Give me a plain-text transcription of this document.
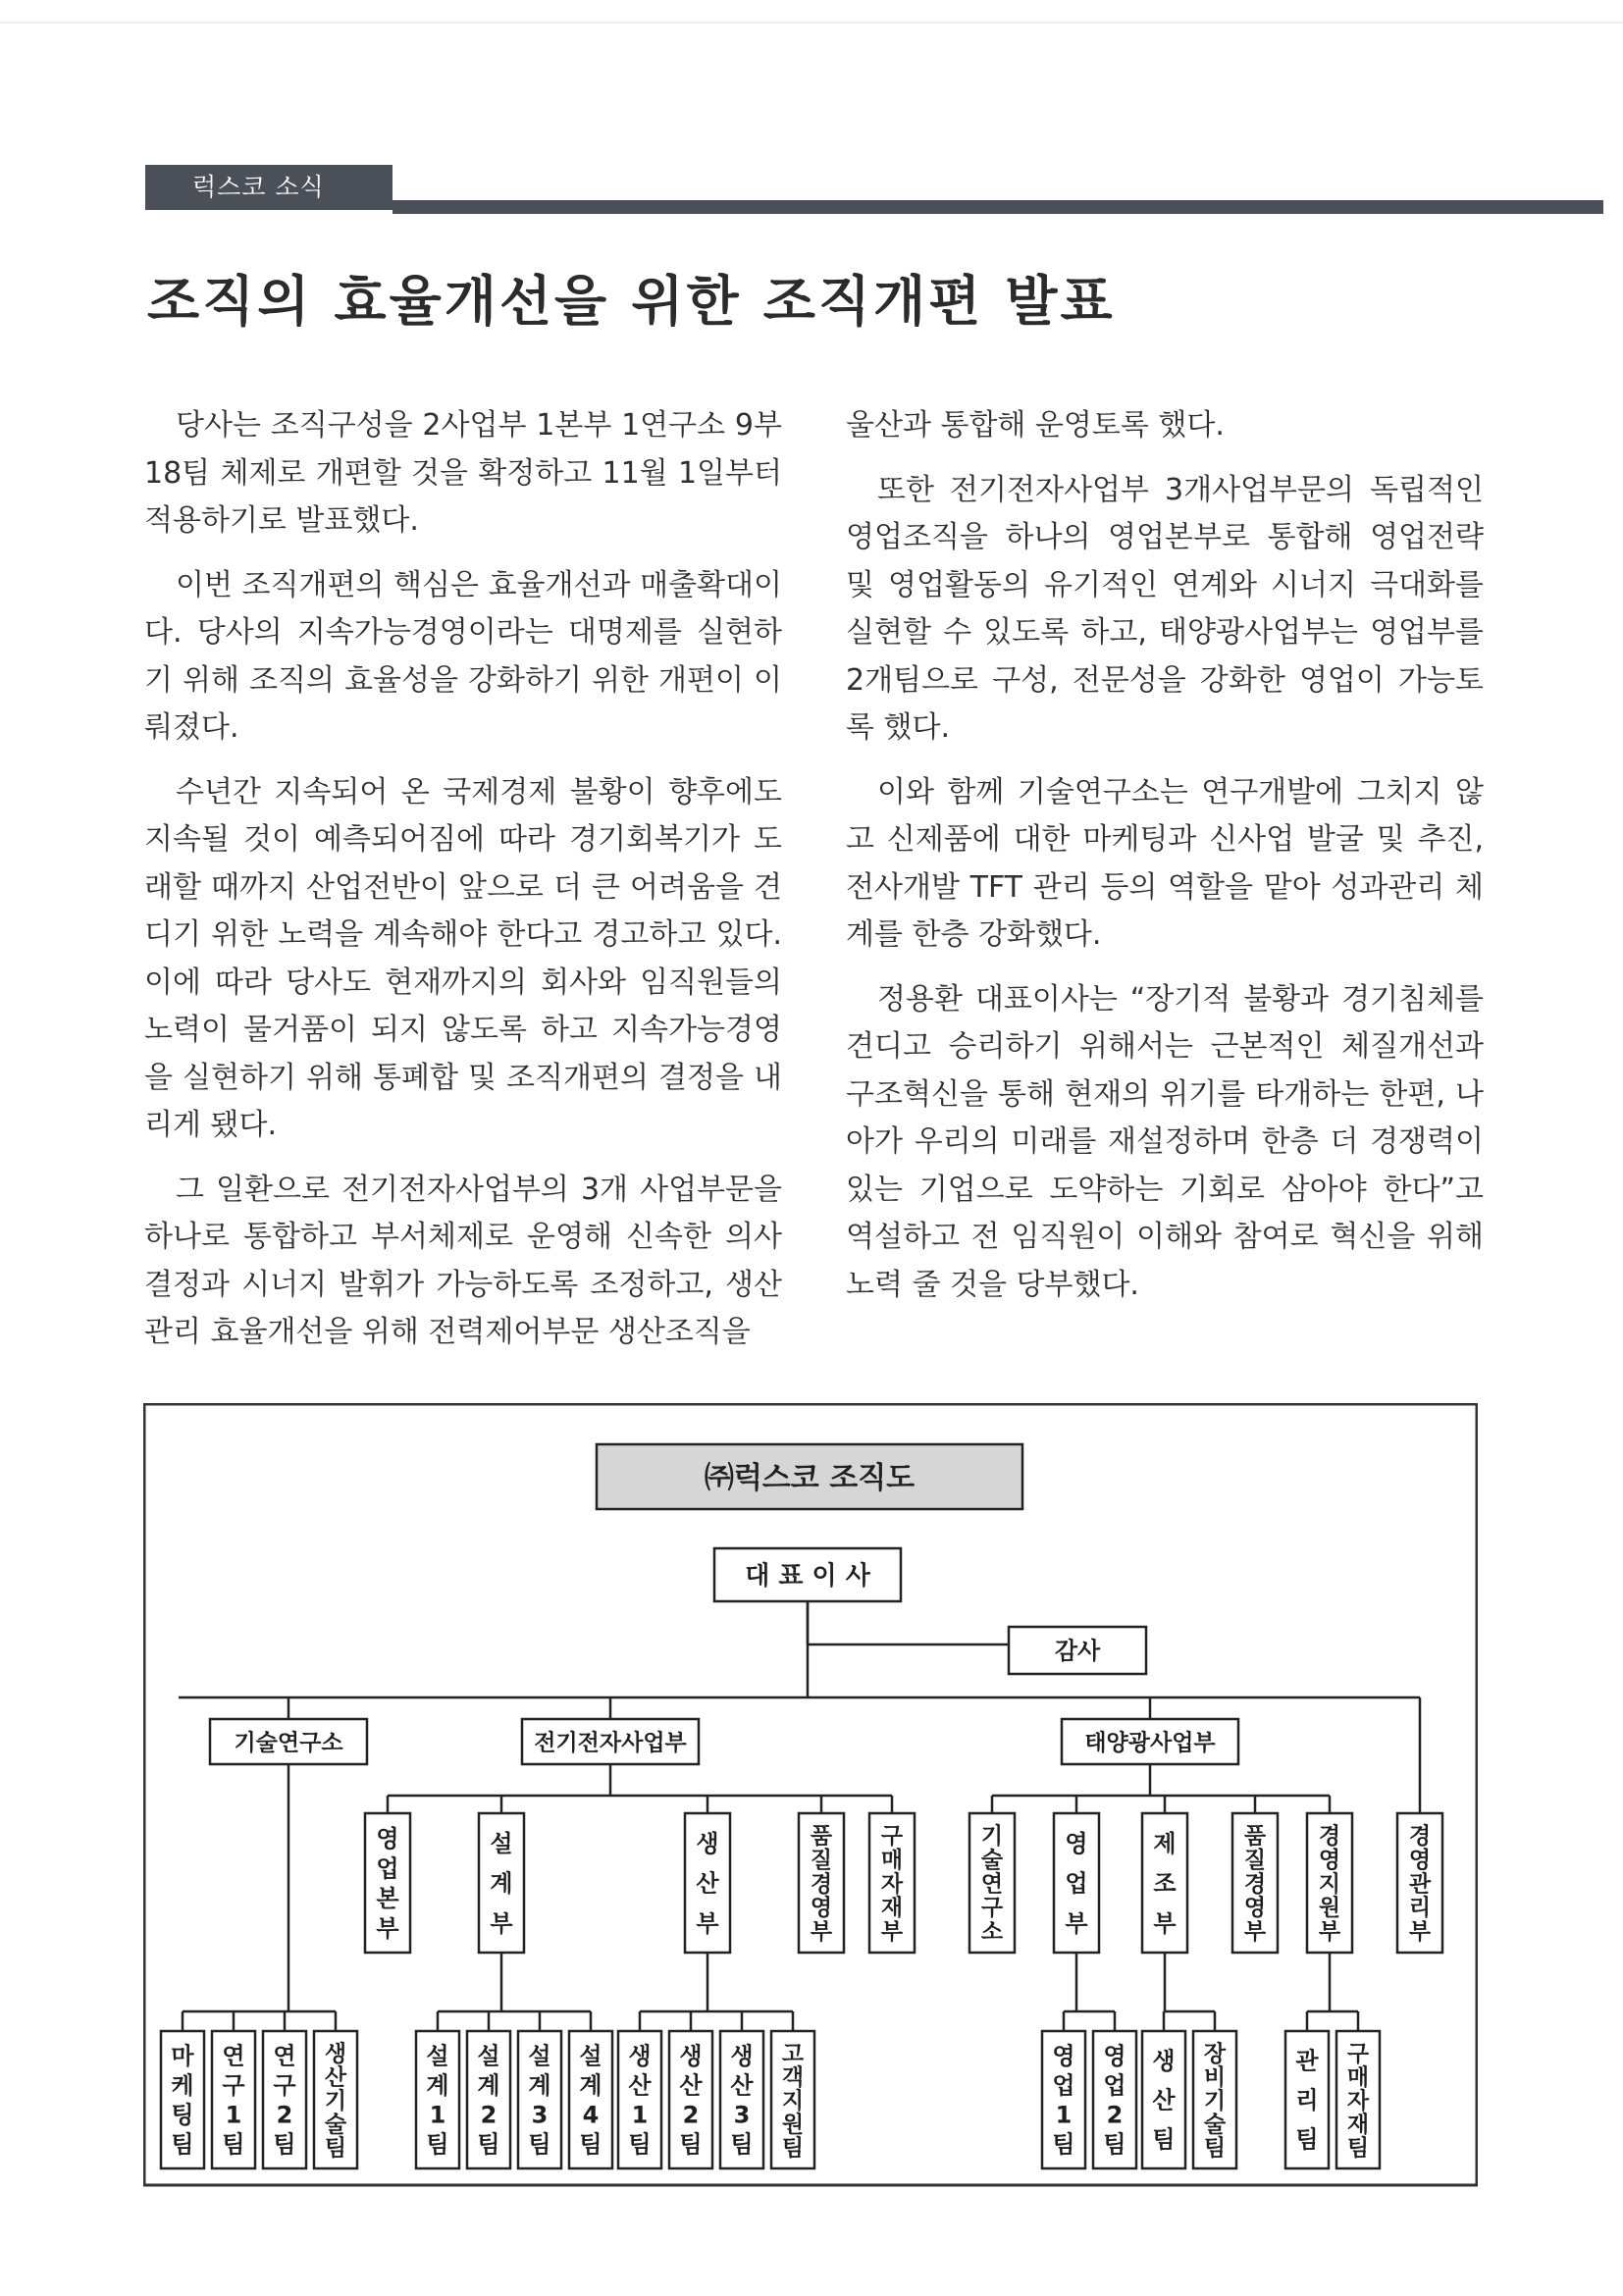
럭스코 소식
조직의 효율개선을 위한 조직개편 발표

당사는 조직구성을 2사업부 1본부 1연구소 9부 18팀 체제로 개편할 것을 확정하고 11월 1일부터 적용하기로 발표했다.

이번 조직개편의 핵심은 효율개선과 매출확대이다. 당사의 지속가능경영이라는 대명제를 실현하기 위해 조직의 효율성을 강화하기 위한 개편이 이뤄졌다.

수년간 지속되어 온 국제경제 불황이 향후에도 지속될 것이 예측되어짐에 따라 경기회복기가 도래할 때까지 산업전반이 앞으로 더 큰 어려움을 견디기 위한 노력을 계속해야 한다고 경고하고 있다. 이에 따라 당사도 현재까지의 회사와 임직원들의 노력이 물거품이 되지 않도록 하고 지속가능경영을 실현하기 위해 통폐합 및 조직개편의 결정을 내리게 됐다.

그 일환으로 전기전자사업부의 3개 사업부문을 하나로 통합하고 부서체제로 운영해 신속한 의사결정과 시너지 발휘가 가능하도록 조정하고, 생산관리 효율개선을 위해 전력제어부문 생산조직을

울산과 통합해 운영토록 했다.

또한 전기전자사업부 3개사업부문의 독립적인 영업조직을 하나의 영업본부로 통합해 영업전략 및 영업활동의 유기적인 연계와 시너지 극대화를 실현할 수 있도록 하고, 태양광사업부는 영업부를 2개팀으로 구성, 전문성을 강화한 영업이 가능토록 했다.

이와 함께 기술연구소는 연구개발에 그치지 않고 신제품에 대한 마케팅과 신사업 발굴 및 추진, 전사개발 TFT 관리 등의 역할을 맡아 성과관리 체계를 한층 강화했다.

정용환 대표이사는 “장기적 불황과 경기침체를 견디고 승리하기 위해서는 근본적인 체질개선과 구조혁신을 통해 현재의 위기를 타개하는 한편, 나아가 우리의 미래를 재설정하며 한층 더 경쟁력이 있는 기업으로 도약하는 기회로 삼아야 한다”고 역설하고 전 임직원이 이해와 참여로 혁신을 위해 노력 줄 것을 당부했다.

㈜럭스코 조직도
대 표 이 사
감사
기술연구소	전기전자사업부	태양광사업부
경 영 관 리 부
영 업 본 부
설 계 부
생 산 부
품 질 경 영 부
구 매 자 재 부
기 술 연 구 소
영 업 부
제 조 부
품 질 경 영 부
경 영 지 원 부
마 케 팅 팀
연 구 1 팀
연 구 2 팀
생 산 기 술 팀
설 계 1 팀
설 계 2 팀
설 계 3 팀
설 계 4 팀
생 산 1 팀
생 산 2 팀
생 산 3 팀
고 객 지 원 팀
영 업 1 팀
영 업 2 팀
생 산 팀
장 비 기 술 팀
관 리 팀
구 매 자 재 팀
